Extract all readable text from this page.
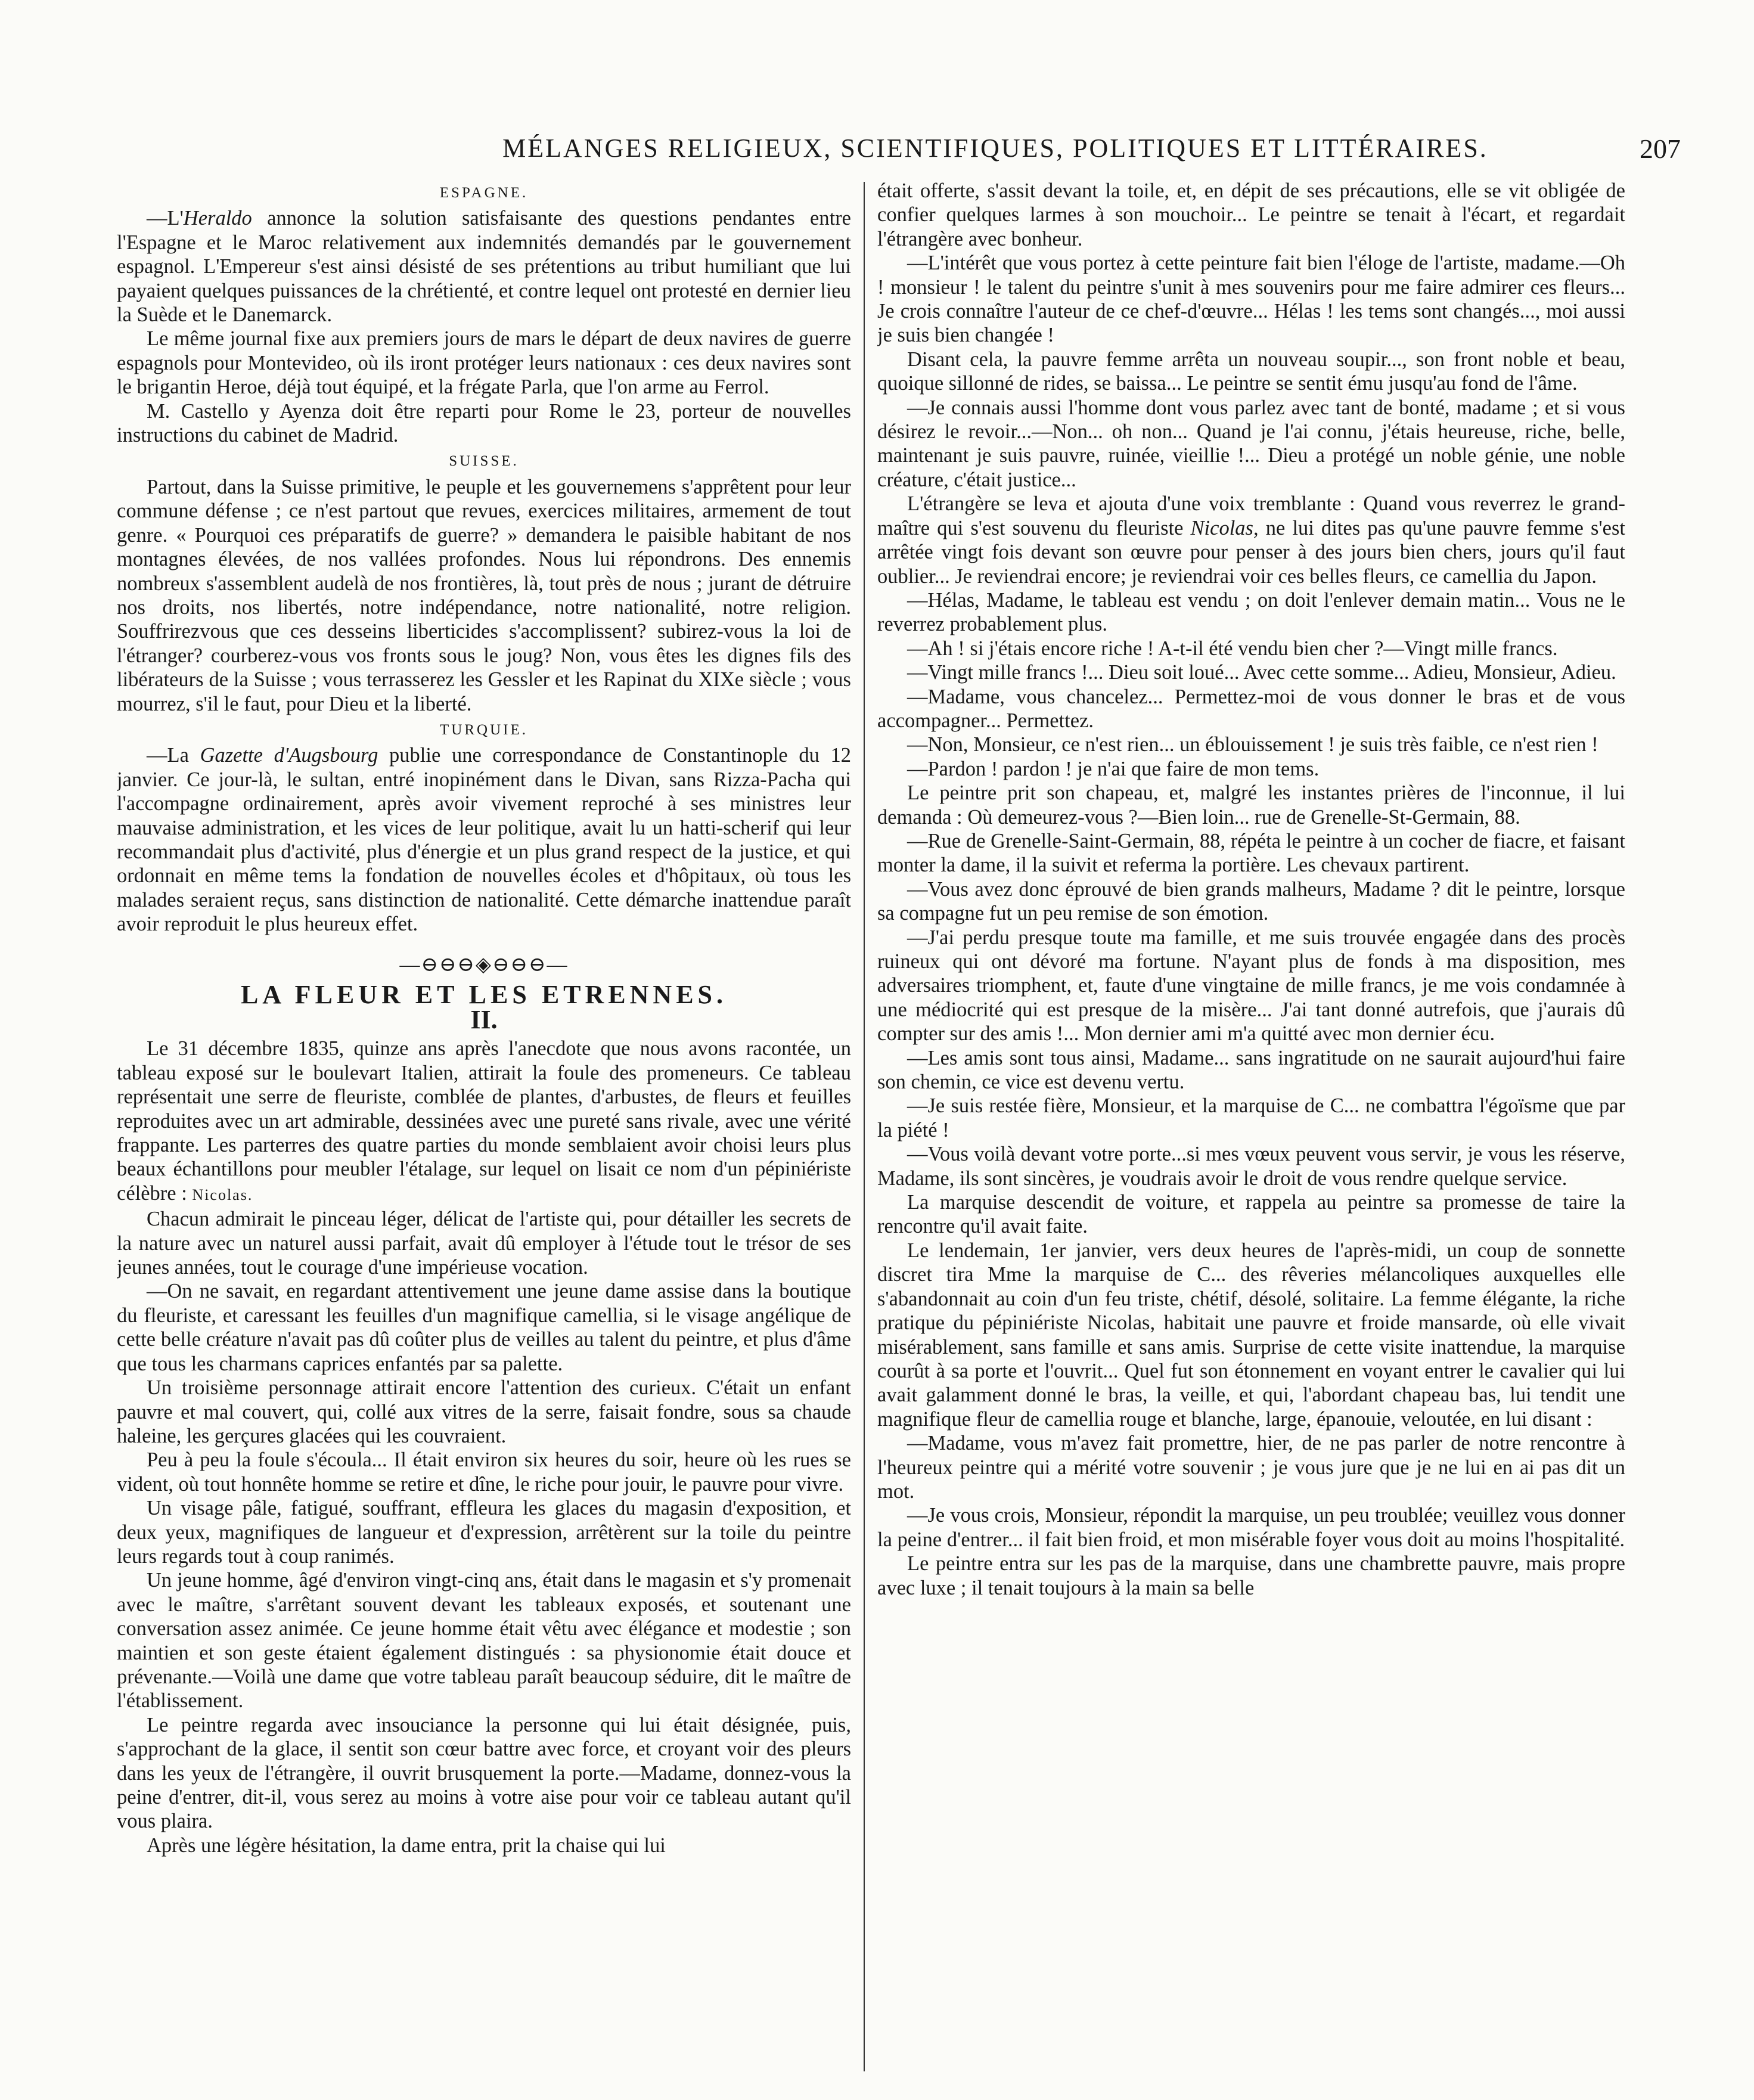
MÉLANGES RELIGIEUX, SCIENTIFIQUES, POLITIQUES ET LITTÉRAIRES.	207
ESPAGNE.

—L'Heraldo annonce la solution satisfaisante des questions pendantes entre l'Espagne et le Maroc relativement aux indemnités demandés par le gouvernement espagnol. L'Empereur s'est ainsi désisté de ses prétentions au tribut humiliant que lui payaient quelques puissances de la chrétienté, et contre lequel ont protesté en dernier lieu la Suède et le Danemarck.

Le même journal fixe aux premiers jours de mars le départ de deux navires de guerre espagnols pour Montevideo, où ils iront protéger leurs nationaux : ces deux navires sont le brigantin Heroe, déjà tout équipé, et la frégate Parla, que l'on arme au Ferrol.

M. Castello y Ayenza doit être reparti pour Rome le 23, porteur de nouvelles instructions du cabinet de Madrid.

SUISSE.

Partout, dans la Suisse primitive, le peuple et les gouvernemens s'apprêtent pour leur commune défense ; ce n'est partout que revues, exercices militaires, armement de tout genre. « Pourquoi ces préparatifs de guerre? » demandera le paisible habitant de nos montagnes élevées, de nos vallées profondes. Nous lui répondrons. Des ennemis nombreux s'assemblent audelà de nos frontières, là, tout près de nous ; jurant de détruire nos droits, nos libertés, notre indépendance, notre nationalité, notre religion. Souffrirezvous que ces desseins liberticides s'accomplissent? subirez-vous la loi de l'étranger? courberez-vous vos fronts sous le joug? Non, vous êtes les dignes fils des libérateurs de la Suisse ; vous terrasserez les Gessler et les Rapinat du XIXe siècle ; vous mourrez, s'il le faut, pour Dieu et la liberté.

TURQUIE.

—La Gazette d'Augsbourg publie une correspondance de Constantinople du 12 janvier. Ce jour-là, le sultan, entré inopinément dans le Divan, sans Rizza-Pacha qui l'accompagne ordinairement, après avoir vivement reproché à ses ministres leur mauvaise administration, et les vices de leur politique, avait lu un hatti-scherif qui leur recommandait plus d'activité, plus d'énergie et un plus grand respect de la justice, et qui ordonnait en même tems la fondation de nouvelles écoles et d'hôpitaux, où tous les malades seraient reçus, sans distinction de nationalité. Cette démarche inattendue paraît avoir reproduit le plus heureux effet.

—⊖⊖⊖◈⊖⊖⊖—
LA FLEUR ET LES ETRENNES.
II.

Le 31 décembre 1835, quinze ans après l'anecdote que nous avons racontée, un tableau exposé sur le boulevart Italien, attirait la foule des promeneurs. Ce tableau représentait une serre de fleuriste, comblée de plantes, d'arbustes, de fleurs et feuilles reproduites avec un art admirable, dessinées avec une pureté sans rivale, avec une vérité frappante. Les parterres des quatre parties du monde semblaient avoir choisi leurs plus beaux échantillons pour meubler l'étalage, sur lequel on lisait ce nom d'un pépiniériste célèbre : Nicolas.

Chacun admirait le pinceau léger, délicat de l'artiste qui, pour détailler les secrets de la nature avec un naturel aussi parfait, avait dû employer à l'étude tout le trésor de ses jeunes années, tout le courage d'une impérieuse vocation.

—On ne savait, en regardant attentivement une jeune dame assise dans la boutique du fleuriste, et caressant les feuilles d'un magnifique camellia, si le visage angélique de cette belle créature n'avait pas dû coûter plus de veilles au talent du peintre, et plus d'âme que tous les charmans caprices enfantés par sa palette.

Un troisième personnage attirait encore l'attention des curieux. C'était un enfant pauvre et mal couvert, qui, collé aux vitres de la serre, faisait fondre, sous sa chaude haleine, les gerçures glacées qui les couvraient.

Peu à peu la foule s'écoula... Il était environ six heures du soir, heure où les rues se vident, où tout honnête homme se retire et dîne, le riche pour jouir, le pauvre pour vivre.

Un visage pâle, fatigué, souffrant, effleura les glaces du magasin d'exposition, et deux yeux, magnifiques de langueur et d'expression, arrêtèrent sur la toile du peintre leurs regards tout à coup ranimés.

Un jeune homme, âgé d'environ vingt-cinq ans, était dans le magasin et s'y promenait avec le maître, s'arrêtant souvent devant les tableaux exposés, et soutenant une conversation assez animée. Ce jeune homme était vêtu avec élégance et modestie ; son maintien et son geste étaient également distingués : sa physionomie était douce et prévenante.—Voilà une dame que votre tableau paraît beaucoup séduire, dit le maître de l'établissement.

Le peintre regarda avec insouciance la personne qui lui était désignée, puis, s'approchant de la glace, il sentit son cœur battre avec force, et croyant voir des pleurs dans les yeux de l'étrangère, il ouvrit brusquement la porte.—Madame, donnez-vous la peine d'entrer, dit-il, vous serez au moins à votre aise pour voir ce tableau autant qu'il vous plaira.

Après une légère hésitation, la dame entra, prit la chaise qui lui

était offerte, s'assit devant la toile, et, en dépit de ses précautions, elle se vit obligée de confier quelques larmes à son mouchoir... Le peintre se tenait à l'écart, et regardait l'étrangère avec bonheur.

—L'intérêt que vous portez à cette peinture fait bien l'éloge de l'artiste, madame.—Oh ! monsieur ! le talent du peintre s'unit à mes souvenirs pour me faire admirer ces fleurs... Je crois connaître l'auteur de ce chef-d'œuvre... Hélas ! les tems sont changés..., moi aussi je suis bien changée !

Disant cela, la pauvre femme arrêta un nouveau soupir..., son front noble et beau, quoique sillonné de rides, se baissa... Le peintre se sentit ému jusqu'au fond de l'âme.

—Je connais aussi l'homme dont vous parlez avec tant de bonté, madame ; et si vous désirez le revoir...—Non... oh non... Quand je l'ai connu, j'étais heureuse, riche, belle, maintenant je suis pauvre, ruinée, vieillie !... Dieu a protégé un noble génie, une noble créature, c'était justice...

L'étrangère se leva et ajouta d'une voix tremblante : Quand vous reverrez le grand-maître qui s'est souvenu du fleuriste Nicolas, ne lui dites pas qu'une pauvre femme s'est arrêtée vingt fois devant son œuvre pour penser à des jours bien chers, jours qu'il faut oublier... Je reviendrai encore; je reviendrai voir ces belles fleurs, ce camellia du Japon.

—Hélas, Madame, le tableau est vendu ; on doit l'enlever demain matin... Vous ne le reverrez probablement plus.

—Ah ! si j'étais encore riche ! A-t-il été vendu bien cher ?—Vingt mille francs.

—Vingt mille francs !... Dieu soit loué... Avec cette somme... Adieu, Monsieur, Adieu.

—Madame, vous chancelez... Permettez-moi de vous donner le bras et de vous accompagner... Permettez.

—Non, Monsieur, ce n'est rien... un éblouissement ! je suis très faible, ce n'est rien !

—Pardon ! pardon ! je n'ai que faire de mon tems.

Le peintre prit son chapeau, et, malgré les instantes prières de l'inconnue, il lui demanda : Où demeurez-vous ?—Bien loin... rue de Grenelle-St-Germain, 88.

—Rue de Grenelle-Saint-Germain, 88, répéta le peintre à un cocher de fiacre, et faisant monter la dame, il la suivit et referma la portière. Les chevaux partirent.

—Vous avez donc éprouvé de bien grands malheurs, Madame ? dit le peintre, lorsque sa compagne fut un peu remise de son émotion.

—J'ai perdu presque toute ma famille, et me suis trouvée engagée dans des procès ruineux qui ont dévoré ma fortune. N'ayant plus de fonds à ma disposition, mes adversaires triomphent, et, faute d'une vingtaine de mille francs, je me vois condamnée à une médiocrité qui est presque de la misère... J'ai tant donné autrefois, que j'aurais dû compter sur des amis !... Mon dernier ami m'a quitté avec mon dernier écu.

—Les amis sont tous ainsi, Madame... sans ingratitude on ne saurait aujourd'hui faire son chemin, ce vice est devenu vertu.

—Je suis restée fière, Monsieur, et la marquise de C... ne combattra l'égoïsme que par la piété !

—Vous voilà devant votre porte...si mes vœux peuvent vous servir, je vous les réserve, Madame, ils sont sincères, je voudrais avoir le droit de vous rendre quelque service.

La marquise descendit de voiture, et rappela au peintre sa promesse de taire la rencontre qu'il avait faite.

Le lendemain, 1er janvier, vers deux heures de l'après-midi, un coup de sonnette discret tira Mme la marquise de C... des rêveries mélancoliques auxquelles elle s'abandonnait au coin d'un feu triste, chétif, désolé, solitaire. La femme élégante, la riche pratique du pépiniériste Nicolas, habitait une pauvre et froide mansarde, où elle vivait misérablement, sans famille et sans amis. Surprise de cette visite inattendue, la marquise courût à sa porte et l'ouvrit... Quel fut son étonnement en voyant entrer le cavalier qui lui avait galamment donné le bras, la veille, et qui, l'abordant chapeau bas, lui tendit une magnifique fleur de camellia rouge et blanche, large, épanouie, veloutée, en lui disant :

—Madame, vous m'avez fait promettre, hier, de ne pas parler de notre rencontre à l'heureux peintre qui a mérité votre souvenir ; je vous jure que je ne lui en ai pas dit un mot.

—Je vous crois, Monsieur, répondit la marquise, un peu troublée; veuillez vous donner la peine d'entrer... il fait bien froid, et mon misérable foyer vous doit au moins l'hospitalité.

Le peintre entra sur les pas de la marquise, dans une chambrette pauvre, mais propre avec luxe ; il tenait toujours à la main sa belle
